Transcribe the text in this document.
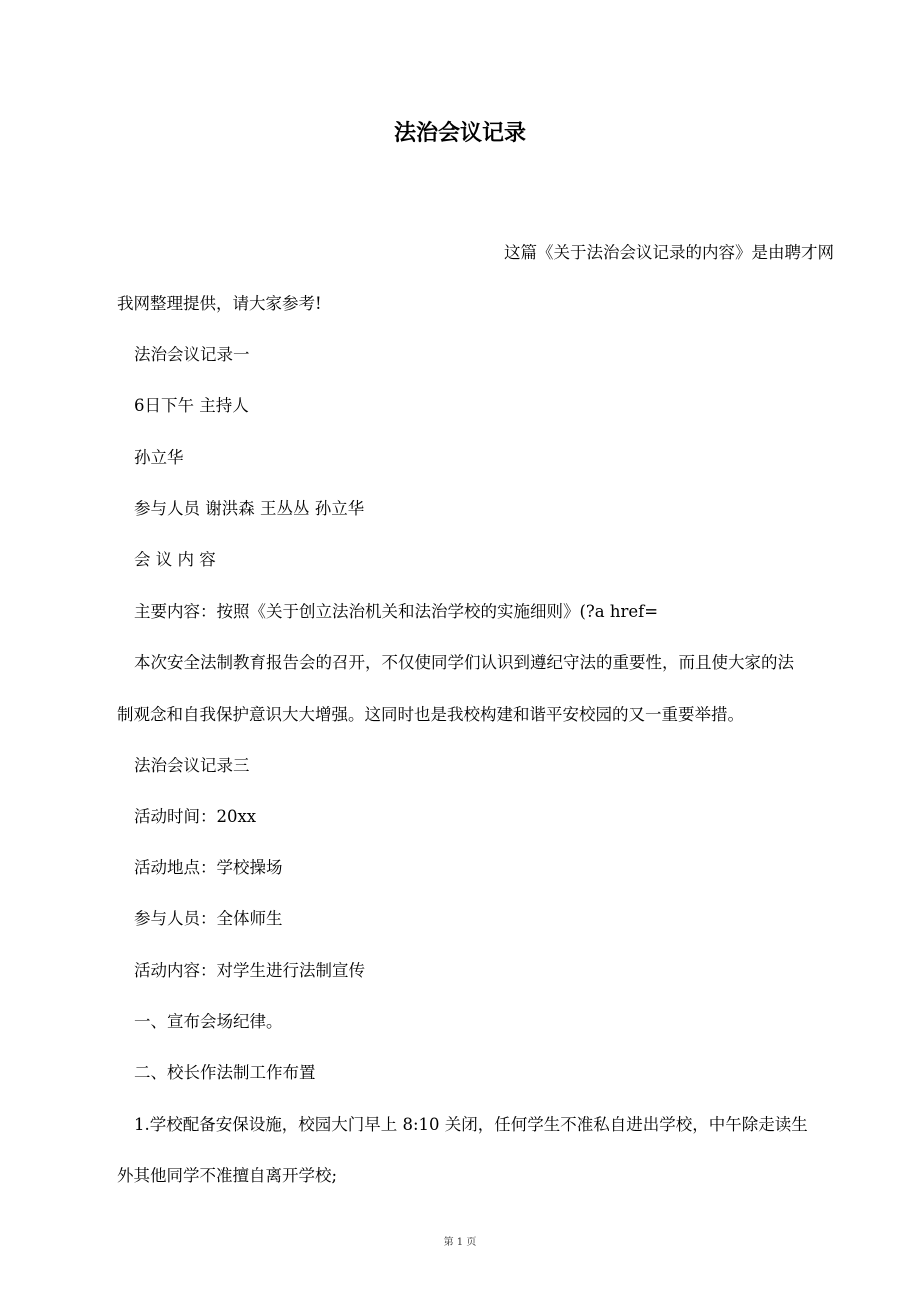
法治会议记录
这篇《关于法治会议记录的内容》是由聘才网
我网整理提供，请大家参考!
法治会议记录一
6日下午 主持人
孙立华
参与人员 谢洪森 王丛丛 孙立华
会 议 内 容
主要内容：按照《关于创立法治机关和法治学校的实施细则》(?a href=
本次安全法制教育报告会的召开，不仅使同学们认识到遵纪守法的重要性，而且使大家的法
制观念和自我保护意识大大增强。这同时也是我校构建和谐平安校园的又一重要举措。
法治会议记录三
活动时间：20xx
活动地点：学校操场
参与人员：全体师生
活动内容：对学生进行法制宣传
一、宣布会场纪律。
二、校长作法制工作布置
1.学校配备安保设施，校园大门早上 8:10 关闭，任何学生不准私自进出学校，中午除走读生
外其他同学不准擅自离开学校;
第 1 页
